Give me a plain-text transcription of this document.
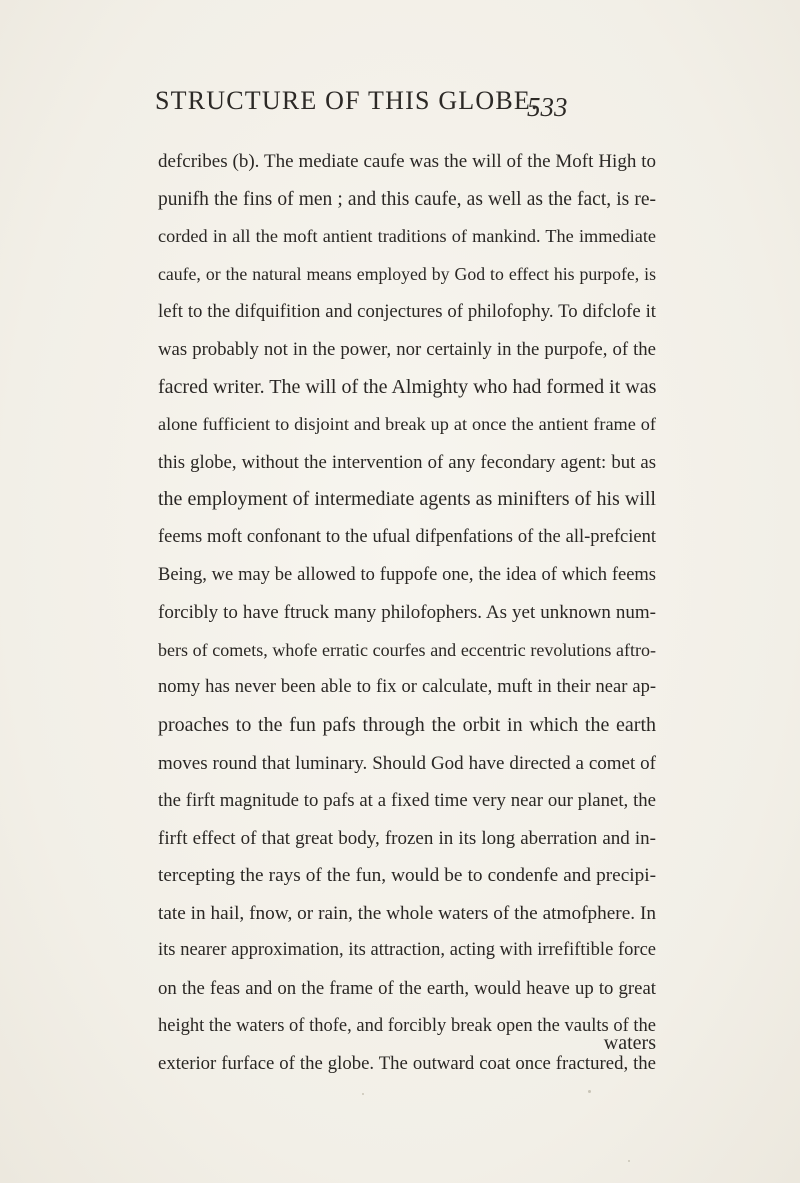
STRUCTURE OF THIS GLOBE.
533
defcribes (b). The mediate caufe was the will of the Moft High to
punifh the fins of men ; and this caufe, as well as the fact, is re-
corded in all the moft antient traditions of mankind. The immediate
caufe, or the natural means employed by God to effect his purpofe, is
left to the difquifition and conjectures of philofophy. To difclofe it
was probably not in the power, nor certainly in the purpofe, of the
facred writer. The will of the Almighty who had formed it was
alone fufficient to disjoint and break up at once the antient frame of
this globe, without the intervention of any fecondary agent: but as
the employment of intermediate agents as minifters of his will
feems moft confonant to the ufual difpenfations of the all-prefcient
Being, we may be allowed to fuppofe one, the idea of which feems
forcibly to have ftruck many philofophers. As yet unknown num-
bers of comets, whofe erratic courfes and eccentric revolutions aftro-
nomy has never been able to fix or calculate, muft in their near ap-
proaches to the fun pafs through the orbit in which the earth
moves round that luminary. Should God have directed a comet of
the firft magnitude to pafs at a fixed time very near our planet, the
firft effect of that great body, frozen in its long aberration and in-
tercepting the rays of the fun, would be to condenfe and precipi-
tate in hail, fnow, or rain, the whole waters of the atmofphere. In
its nearer approximation, its attraction, acting with irrefiftible force
on the feas and on the frame of the earth, would heave up to great
height the waters of thofe, and forcibly break open the vaults of the
exterior furface of the globe. The outward coat once fractured, the
waters
